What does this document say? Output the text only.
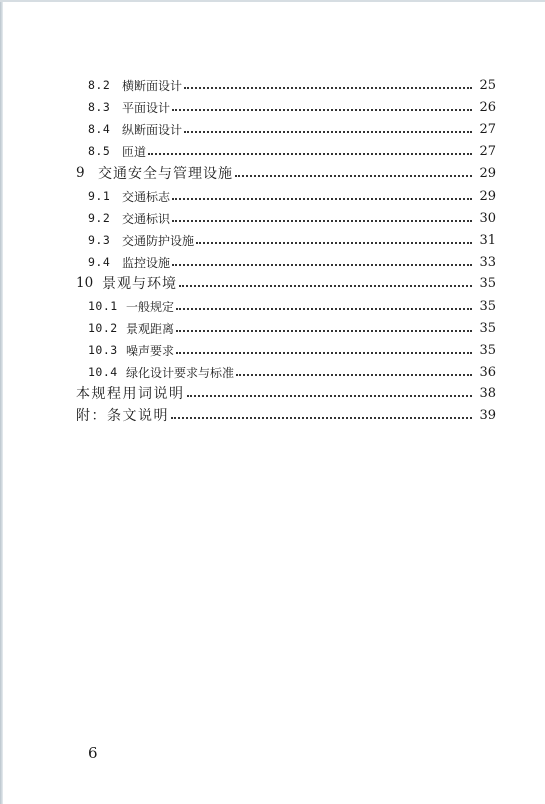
8.2 横断面设计	25
8.3 平面设计	26
8.4 纵断面设计	27
8.5 匝道	27
9 交通安全与管理设施	29
9.1 交通标志	29
9.2 交通标识	30
9.3 交通防护设施	31
9.4 监控设施	33
10 景观与环境	35
10.1 一般规定	35
10.2 景观距离	35
10.3 噪声要求	35
10.4 绿化设计要求与标准	36
本规程用词说明	38
附：条文说明	39
6
